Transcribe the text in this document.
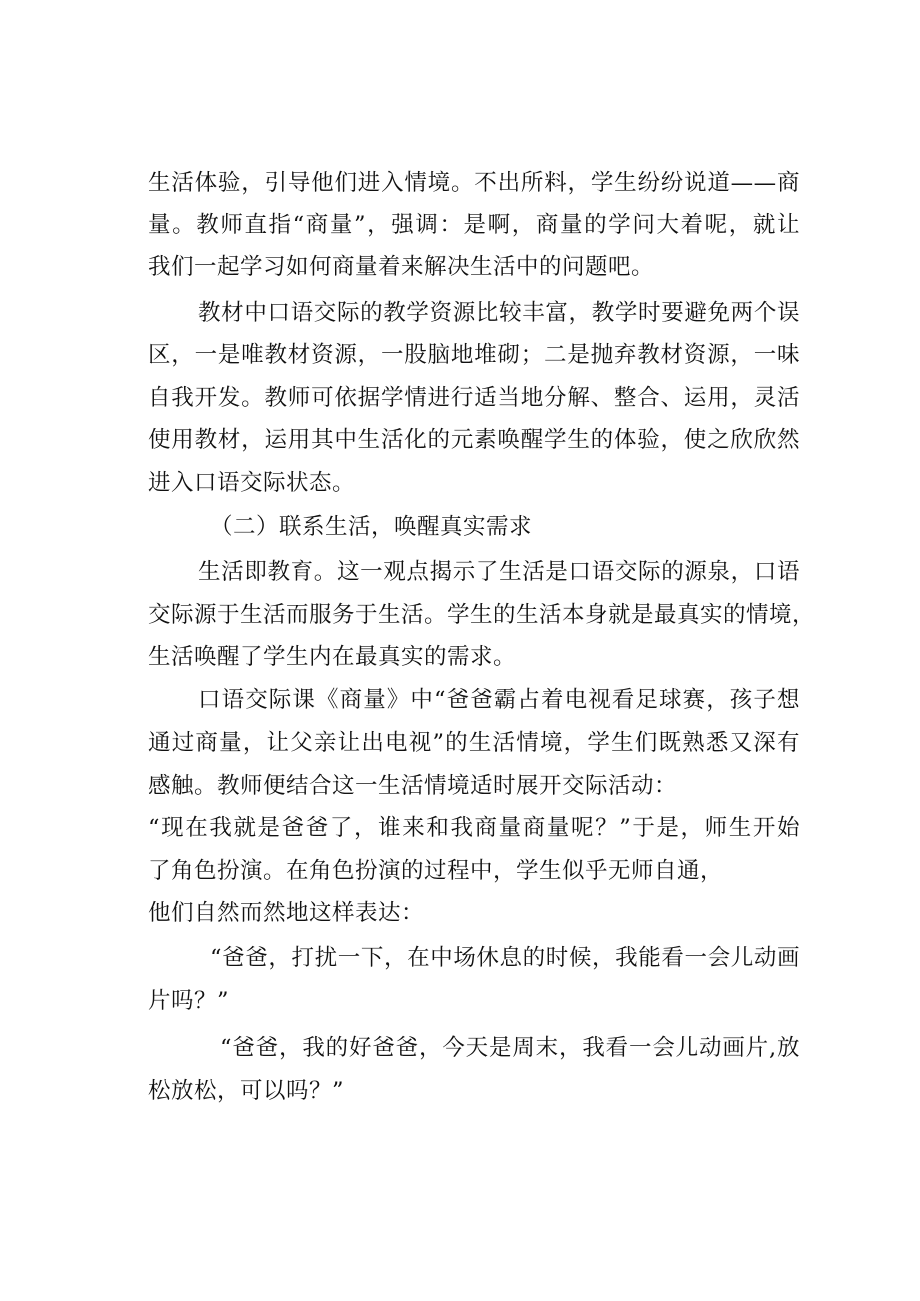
生活体验，引导他们进入情境。不出所料，学生纷纷说道——商
量。教师直指“商量”，强调：是啊，商量的学问大着呢，就让
我们一起学习如何商量着来解决生活中的问题吧。
教材中口语交际的教学资源比较丰富，教学时要避免两个误
区，一是唯教材资源，一股脑地堆砌；二是抛弃教材资源，一味
自我开发。教师可依据学情进行适当地分解、整合、运用，灵活
使用教材，运用其中生活化的元素唤醒学生的体验，使之欣欣然
进入口语交际状态。
（二）联系生活，唤醒真实需求
生活即教育。这一观点揭示了生活是口语交际的源泉，口语
交际源于生活而服务于生活。学生的生活本身就是最真实的情境，
生活唤醒了学生内在最真实的需求。
口语交际课《商量》中“爸爸霸占着电视看足球赛，孩子想
通过商量，让父亲让出电视”的生活情境，学生们既熟悉又深有
感触。教师便结合这一生活情境适时展开交际活动：
“现在我就是爸爸了，谁来和我商量商量呢？”于是，师生开始
了角色扮演。在角色扮演的过程中，学生似乎无师自通，
他们自然而然地这样表达：
“爸爸，打扰一下，在中场休息的时候，我能看一会儿动画
片吗？”
“爸爸，我的好爸爸，今天是周末，我看一会儿动画片,放
松放松，可以吗？”
